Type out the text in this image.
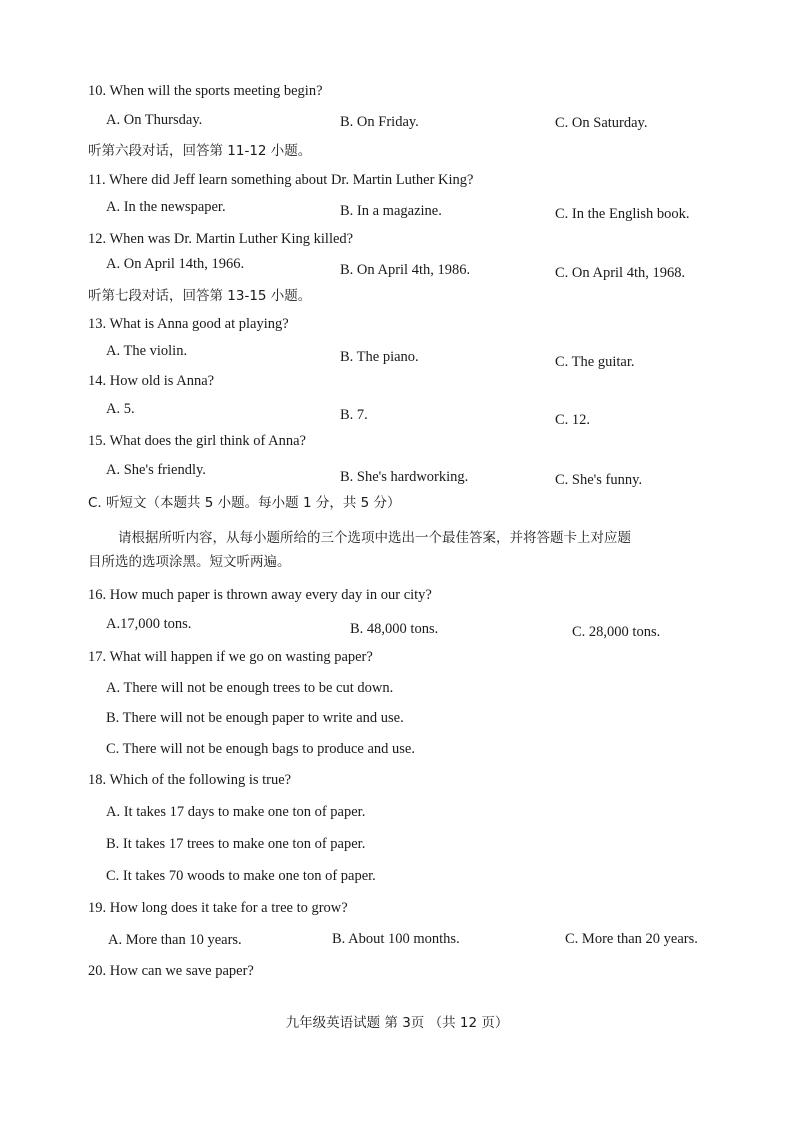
10. When will the sports meeting begin?
A. On Thursday.	B. On Friday.	C. On Saturday.
听第六段对话，回答第 11-12 小题。
11. Where did Jeff learn something about Dr. Martin Luther King?
A. In the newspaper.	B. In a magazine.	C. In the English book.
12. When was Dr. Martin Luther King killed?
A. On April 14th, 1966.	B. On April 4th, 1986.	C. On April 4th, 1968.
听第七段对话，回答第 13-15 小题。
13. What is Anna good at playing?
A. The violin.	B. The piano.	C. The guitar.
14. How old is Anna?
A. 5.	B. 7.	C. 12.
15. What does the girl think of Anna?
A. She's friendly.	B. She's hardworking.	C. She's funny.
C. 听短文（本题共 5 小题。每小题 1 分，共 5 分）
请根据所听内容，从每小题所给的三个选项中选出一个最佳答案，并将答题卡上对应题
目所选的选项涂黑。短文听两遍。
16. How much paper is thrown away every day in our city?
A.17,000 tons.	B. 48,000 tons.	C. 28,000 tons.
17. What will happen if we go on wasting paper?
A. There will not be enough trees to be cut down.
B. There will not be enough paper to write and use.
C. There will not be enough bags to produce and use.
18. Which of the following is true?
A. It takes 17 days to make one ton of paper.
B. It takes 17 trees to make one ton of paper.
C. It takes 70 woods to make one ton of paper.
19. How long does it take for a tree to grow?
A. More than 10 years.	B. About 100 months.	C. More than 20 years.
20. How can we save paper?
九年级英语试题 第 3页 （共 12 页）
